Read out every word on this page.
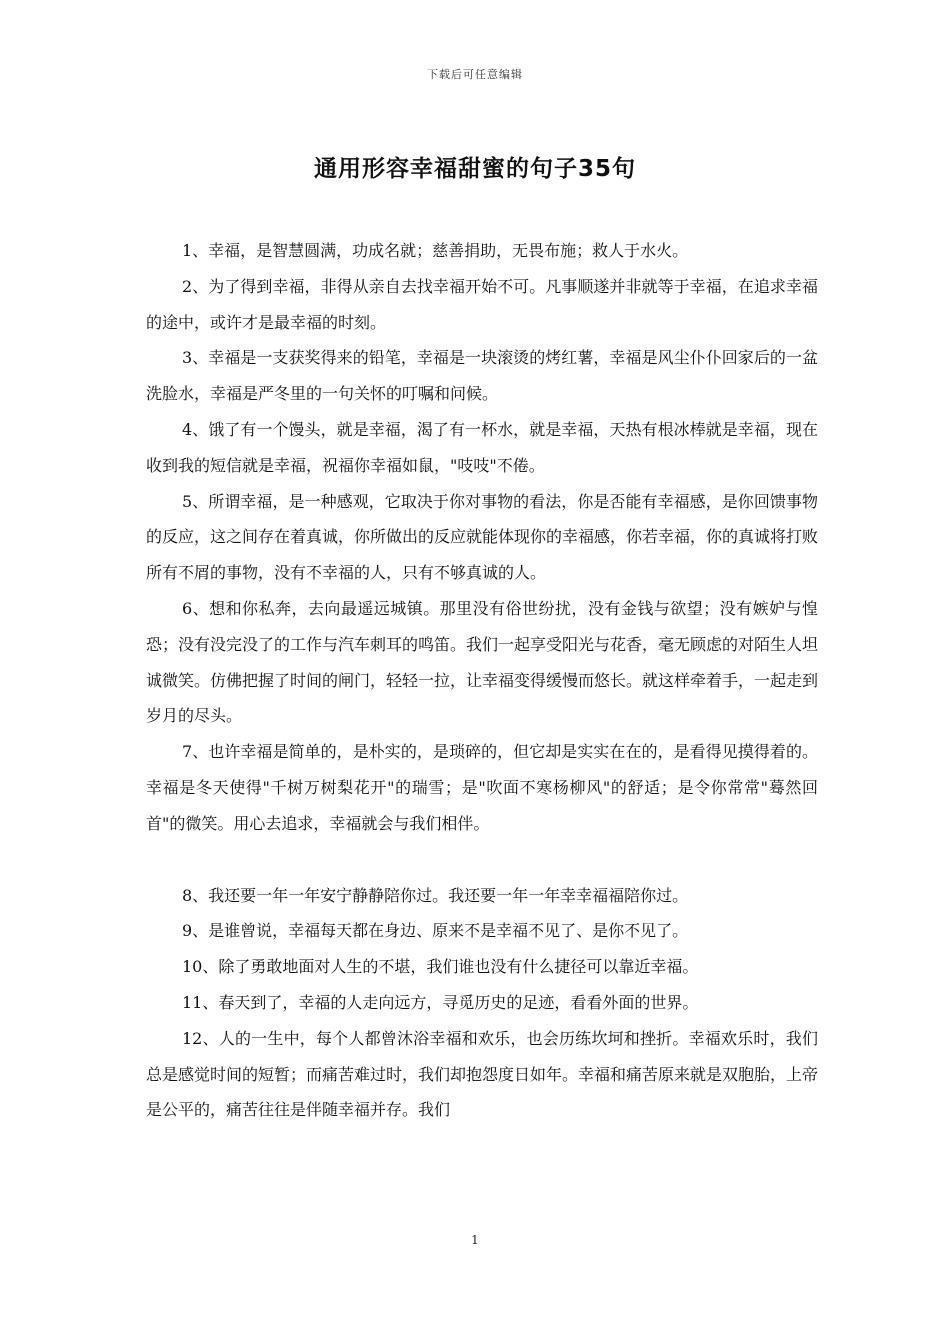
下载后可任意编辑
通用形容幸福甜蜜的句子35句

1、幸福，是智慧圆满，功成名就；慈善捐助，无畏布施；救人于水火。

2、为了得到幸福，非得从亲自去找幸福开始不可。凡事顺遂并非就等于幸福，在追求幸福的途中，或许才是最幸福的时刻。

3、幸福是一支获奖得来的铅笔，幸福是一块滚烫的烤红薯，幸福是风尘仆仆回家后的一盆洗脸水，幸福是严冬里的一句关怀的叮嘱和问候。

4、饿了有一个馒头，就是幸福，渴了有一杯水，就是幸福，天热有根冰棒就是幸福，现在收到我的短信就是幸福，祝福你幸福如鼠，"吱吱"不倦。

5、所谓幸福，是一种感观，它取决于你对事物的看法，你是否能有幸福感，是你回馈事物的反应，这之间存在着真诚，你所做出的反应就能体现你的幸福感，你若幸福，你的真诚将打败所有不屑的事物，没有不幸福的人，只有不够真诚的人。

6、想和你私奔，去向最遥远城镇。那里没有俗世纷扰，没有金钱与欲望；没有嫉妒与惶恐；没有没完没了的工作与汽车刺耳的鸣笛。我们一起享受阳光与花香，毫无顾虑的对陌生人坦诚微笑。仿佛把握了时间的闸门，轻轻一拉，让幸福变得缓慢而悠长。就这样牵着手，一起走到岁月的尽头。

7、也许幸福是简单的，是朴实的，是琐碎的，但它却是实实在在的，是看得见摸得着的。幸福是冬天使得"千树万树梨花开"的瑞雪；是"吹面不寒杨柳风"的舒适；是令你常常"蓦然回首"的微笑。用心去追求，幸福就会与我们相伴。

8、我还要一年一年安宁静静陪你过。我还要一年一年幸幸福福陪你过。

9、是谁曾说，幸福每天都在身边、原来不是幸福不见了、是你不见了。

10、除了勇敢地面对人生的不堪，我们谁也没有什么捷径可以靠近幸福。

11、春天到了，幸福的人走向远方，寻觅历史的足迹，看看外面的世界。

12、人的一生中，每个人都曾沐浴幸福和欢乐，也会历练坎坷和挫折。幸福欢乐时，我们总是感觉时间的短暂；而痛苦难过时，我们却抱怨度日如年。幸福和痛苦原来就是双胞胎，上帝是公平的，痛苦往往是伴随幸福并存。我们

1
